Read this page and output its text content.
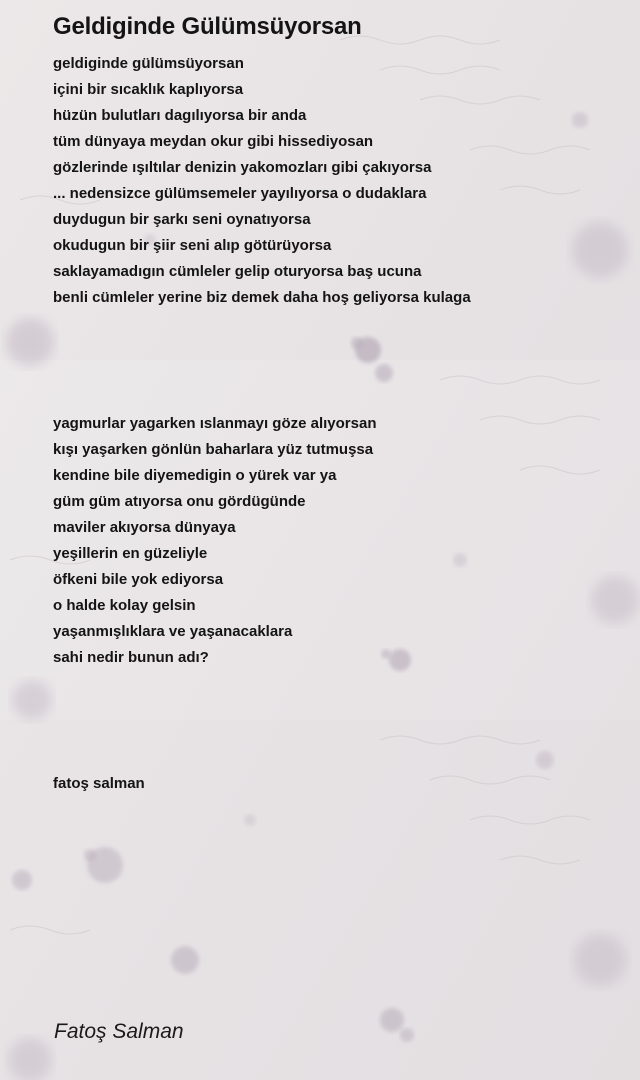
Geldiginde Gülümsüyorsan
geldiginde gülümsüyorsan
içini bir sıcaklık kaplıyorsa
hüzün bulutları dagılıyorsa bir anda
tüm dünyaya meydan okur gibi hissediyosan
gözlerinde ışıltılar denizin yakomozları gibi çakıyorsa
... nedensizce gülümsemeler yayılıyorsa o dudaklara
duydugun bir şarkı seni oynatıyorsa
okudugun bir şiir seni alıp götürüyorsa
saklayamadıgın cümleler gelip oturyorsa baş ucuna
benli cümleler yerine biz demek daha hoş geliyorsa kulaga
yagmurlar yagarken ıslanmayı göze alıyorsan
kışı yaşarken gönlün baharlara yüz tutmuşsa
kendine bile diyemedigin o yürek var ya
güm güm atıyorsa onu gördügünde
maviler akıyorsa dünyaya
yeşillerin en güzeliyle
öfkeni bile yok ediyorsa
o halde kolay gelsin
yaşanmışlıklara ve yaşanacaklara
sahi nedir bunun adı?
fatoş salman
Fatoş Salman
